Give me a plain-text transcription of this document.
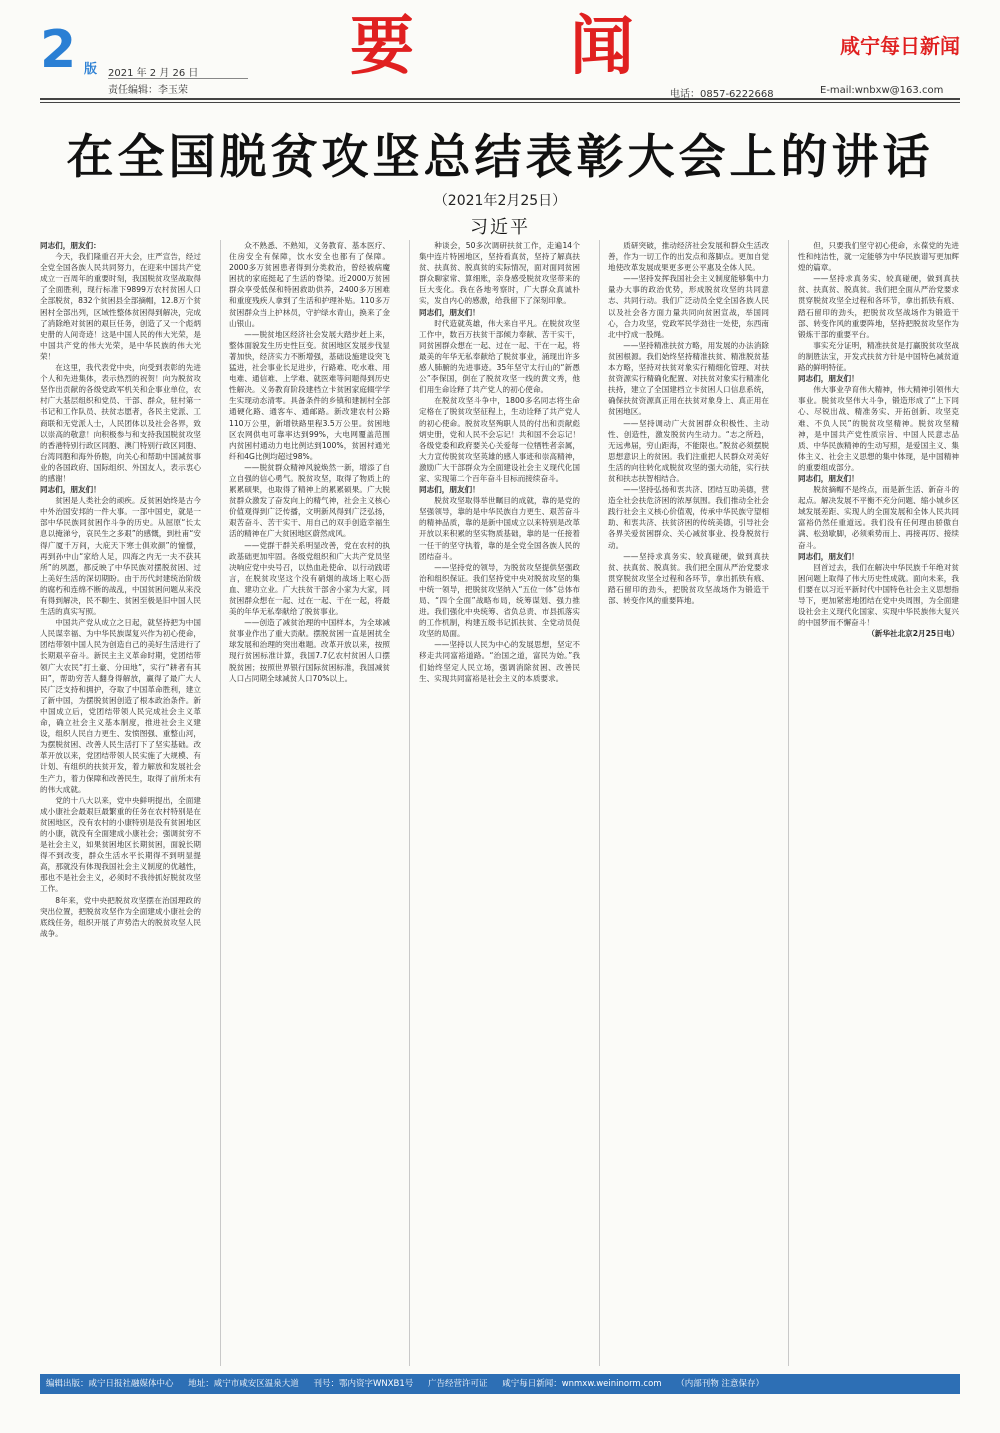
2 版 2021 年 2 月 26 日
责任编辑：李玉荣
要 闻	咸宁每日新闻
电话：0857-6222668	E-mail:wnbxw@163.com
在全国脱贫攻坚总结表彰大会上的讲话
（2021年2月25日）
习近平

同志们，朋友们：

今天，我们隆重召开大会，庄严宣告，经过全党全国各族人民共同努力，在迎来中国共产党成立一百周年的重要时刻，我国脱贫攻坚战取得了全面胜利，现行标准下9899万农村贫困人口全部脱贫，832个贫困县全部摘帽，12.8万个贫困村全部出列，区域性整体贫困得到解决，完成了消除绝对贫困的艰巨任务，创造了又一个彪炳史册的人间奇迹！这是中国人民的伟大光荣，是中国共产党的伟大光荣，是中华民族的伟大光荣！

在这里，我代表党中央，向受到表彰的先进个人和先进集体，表示热烈的祝贺！向为脱贫攻坚作出贡献的各级党政军机关和企事业单位，农村广大基层组织和党员、干部、群众，驻村第一书记和工作队员、扶贫志愿者，各民主党派、工商联和无党派人士，人民团体以及社会各界，致以崇高的敬意！向积极参与和支持我国脱贫攻坚的香港特别行政区同胞、澳门特别行政区同胞、台湾同胞和海外侨胞，向关心和帮助中国减贫事业的各国政府、国际组织、外国友人，表示衷心的感谢！

同志们，朋友们！

贫困是人类社会的顽疾。反贫困始终是古今中外治国安邦的一件大事。一部中国史，就是一部中华民族同贫困作斗争的历史。从屈原“长太息以掩涕兮，哀民生之多艰”的感慨，到杜甫“安得广厦千万间，大庇天下寒士俱欢颜”的憧憬，再到孙中山“家给人足，四海之内无一夫不获其所”的夙愿，都反映了中华民族对摆脱贫困、过上美好生活的深切期盼。由于历代封建统治阶级的腐朽和连绵不断的战乱，中国贫困问题从来没有得到解决，民不聊生、贫困至极是旧中国人民生活的真实写照。

中国共产党从成立之日起，就坚持把为中国人民谋幸福、为中华民族谋复兴作为初心使命，团结带领中国人民为创造自己的美好生活进行了长期艰辛奋斗。新民主主义革命时期，党团结带领广大农民“打土豪、分田地”，实行“耕者有其田”，帮助穷苦人翻身得解放，赢得了最广大人民广泛支持和拥护，夺取了中国革命胜利，建立了新中国，为摆脱贫困创造了根本政治条件。新中国成立后，党团结带领人民完成社会主义革命，确立社会主义基本制度，推进社会主义建设，组织人民自力更生、发愤图强、重整山河，为摆脱贫困、改善人民生活打下了坚实基础。改革开放以来，党团结带领人民实施了大规模、有计划、有组织的扶贫开发，着力解放和发展社会生产力，着力保障和改善民生，取得了前所未有的伟大成就。

党的十八大以来，党中央鲜明提出，全面建成小康社会最艰巨最繁重的任务在农村特别是在贫困地区，没有农村的小康特别是没有贫困地区的小康，就没有全面建成小康社会；强调贫穷不是社会主义，如果贫困地区长期贫困，面貌长期得不到改变，群众生活水平长期得不到明显提高，那就没有体现我国社会主义制度的优越性，那也不是社会主义，必须时不我待抓好脱贫攻坚工作。

8年来，党中央把脱贫攻坚摆在治国理政的突出位置，把脱贫攻坚作为全面建成小康社会的底线任务，组织开展了声势浩大的脱贫攻坚人民战争。

众不熟悉、不熟知，义务教育、基本医疗、住房安全有保障，饮水安全也都有了保障。2000多万贫困患者得到分类救治，曾经被病魔困扰的家庭挺起了生活的脊梁。近2000万贫困群众享受低保和特困救助供养，2400多万困难和重度残疾人拿到了生活和护理补贴。110多万贫困群众当上护林员，守护绿水青山，换来了金山银山。

——脱贫地区经济社会发展大踏步赶上来，整体面貌发生历史性巨变。贫困地区发展步伐显著加快，经济实力不断增强，基础设施建设突飞猛进，社会事业长足进步，行路难、吃水难、用电难、通信难、上学难、就医难等问题得到历史性解决。义务教育阶段建档立卡贫困家庭辍学学生实现动态清零。具备条件的乡镇和建制村全部通硬化路、通客车、通邮路。新改建农村公路110万公里，新增铁路里程3.5万公里。贫困地区农网供电可靠率达到99%，大电网覆盖范围内贫困村通动力电比例达到100%，贫困村通光纤和4G比例均超过98%。

——脱贫群众精神风貌焕然一新，增添了自立自强的信心勇气。脱贫攻坚，取得了物质上的累累硕果，也取得了精神上的累累硕果。广大脱贫群众激发了奋发向上的精气神，社会主义核心价值观得到广泛传播，文明新风得到广泛弘扬，艰苦奋斗、苦干实干、用自己的双手创造幸福生活的精神在广大贫困地区蔚然成风。

——党群干群关系明显改善，党在农村的执政基础更加牢固。各级党组织和广大共产党员坚决响应党中央号召，以热血赴使命、以行动践诺言，在脱贫攻坚这个没有硝烟的战场上呕心沥血、建功立业。广大扶贫干部舍小家为大家，同贫困群众想在一起、过在一起、干在一起，将最美的年华无私奉献给了脱贫事业。

——创造了减贫治理的中国样本，为全球减贫事业作出了重大贡献。摆脱贫困一直是困扰全球发展和治理的突出难题。改革开放以来，按照现行贫困标准计算，我国7.7亿农村贫困人口摆脱贫困；按照世界银行国际贫困标准，我国减贫人口占同期全球减贫人口70%以上。

种谈会，50多次调研扶贫工作，走遍14个集中连片特困地区，坚持看真贫，坚持了解真扶贫、扶真贫、脱真贫的实际情况，面对面同贫困群众聊家常、算细账，亲身感受脱贫攻坚带来的巨大变化。我在各地考察时，广大群众真诚朴实，发自内心的感激，给我留下了深刻印象。

同志们，朋友们！

时代造就英雄，伟大来自平凡。在脱贫攻坚工作中，数百万扶贫干部倾力奉献、苦干实干，同贫困群众想在一起、过在一起、干在一起，将最美的年华无私奉献给了脱贫事业，涌现出许多感人肺腑的先进事迹。35年坚守太行山的“新愚公”李保国，倒在了脱贫攻坚一线的黄文秀，他们用生命诠释了共产党人的初心使命。

在脱贫攻坚斗争中，1800多名同志将生命定格在了脱贫攻坚征程上，生动诠释了共产党人的初心使命。脱贫攻坚殉职人员的付出和贡献彪炳史册，党和人民不会忘记！共和国不会忘记！各级党委和政府要关心关爱每一位牺牲者亲属，大力宣传脱贫攻坚英雄的感人事迹和崇高精神，激励广大干部群众为全面建设社会主义现代化国家、实现第二个百年奋斗目标而接续奋斗。

同志们，朋友们！

脱贫攻坚取得举世瞩目的成就，靠的是党的坚强领导，靠的是中华民族自力更生、艰苦奋斗的精神品质，靠的是新中国成立以来特别是改革开放以来积累的坚实物质基础，靠的是一任接着一任干的坚守执着，靠的是全党全国各族人民的团结奋斗。

——坚持党的领导，为脱贫攻坚提供坚强政治和组织保证。我们坚持党中央对脱贫攻坚的集中统一领导，把脱贫攻坚纳入“五位一体”总体布局、“四个全面”战略布局，统筹谋划、强力推进。我们强化中央统筹、省负总责、市县抓落实的工作机制，构建五级书记抓扶贫、全党动员促攻坚的局面。

——坚持以人民为中心的发展思想，坚定不移走共同富裕道路。“治国之道，富民为始。”我们始终坚定人民立场，强调消除贫困、改善民生、实现共同富裕是社会主义的本质要求。

质研突破，推动经济社会发展和群众生活改善，作为一切工作的出发点和落脚点。更加自觉地使改革发展成果更多更公平惠及全体人民。

——坚持发挥我国社会主义制度能够集中力量办大事的政治优势，形成脱贫攻坚的共同意志、共同行动。我们广泛动员全党全国各族人民以及社会各方面力量共同向贫困宣战，举国同心，合力攻坚，党政军民学劲往一处使，东西南北中拧成一股绳。

——坚持精准扶贫方略，用发展的办法消除贫困根源。我们始终坚持精准扶贫、精准脱贫基本方略，坚持对扶贫对象实行精细化管理、对扶贫资源实行精确化配置、对扶贫对象实行精准化扶持，建立了全国建档立卡贫困人口信息系统，确保扶贫资源真正用在扶贫对象身上、真正用在贫困地区。

——坚持调动广大贫困群众积极性、主动性、创造性，激发脱贫内生动力。“志之所趋，无远弗届，穷山距海，不能限也。”脱贫必须摆脱思想意识上的贫困。我们注重把人民群众对美好生活的向往转化成脱贫攻坚的强大动能，实行扶贫和扶志扶智相结合。

——坚持弘扬和衷共济、团结互助美德，营造全社会扶危济困的浓厚氛围。我们推动全社会践行社会主义核心价值观，传承中华民族守望相助、和衷共济、扶贫济困的传统美德，引导社会各界关爱贫困群众、关心减贫事业、投身脱贫行动。

——坚持求真务实、较真碰硬，做到真扶贫、扶真贫、脱真贫。我们把全面从严治党要求贯穿脱贫攻坚全过程和各环节，拿出抓铁有痕、踏石留印的劲头，把脱贫攻坚战场作为锻造干部、转变作风的重要阵地。

但，只要我们坚守初心使命，永葆党的先进性和纯洁性，就一定能够为中华民族谱写更加辉煌的篇章。

——坚持求真务实、较真碰硬，做到真扶贫、扶真贫、脱真贫。我们把全面从严治党要求贯穿脱贫攻坚全过程和各环节，拿出抓铁有痕、踏石留印的劲头，把脱贫攻坚战场作为锻造干部、转变作风的重要阵地，坚持把脱贫攻坚作为锻炼干部的重要平台。

事实充分证明，精准扶贫是打赢脱贫攻坚战的制胜法宝，开发式扶贫方针是中国特色减贫道路的鲜明特征。

同志们，朋友们！

伟大事业孕育伟大精神，伟大精神引领伟大事业。脱贫攻坚伟大斗争，锻造形成了“上下同心、尽锐出战、精准务实、开拓创新、攻坚克难、不负人民”的脱贫攻坚精神。脱贫攻坚精神，是中国共产党性质宗旨、中国人民意志品质、中华民族精神的生动写照，是爱国主义、集体主义、社会主义思想的集中体现，是中国精神的重要组成部分。

同志们，朋友们！

脱贫摘帽不是终点，而是新生活、新奋斗的起点。解决发展不平衡不充分问题、缩小城乡区域发展差距、实现人的全面发展和全体人民共同富裕仍然任重道远。我们没有任何理由骄傲自满、松劲歇脚，必须乘势而上、再接再厉、接续奋斗。

同志们，朋友们！

回首过去，我们在解决中华民族千年绝对贫困问题上取得了伟大历史性成就。面向未来，我们要在以习近平新时代中国特色社会主义思想指导下，更加紧密地团结在党中央周围，为全面建设社会主义现代化国家、实现中华民族伟大复兴的中国梦而不懈奋斗！

（新华社北京2月25日电）

编辑出版：咸宁日报社融媒体中心 地址：咸宁市咸安区温泉大道 刊号：鄂内资字WNXB1号 广告经营许可证 咸宁每日新闻：wnmxw.weininorm.com （内部刊物 注意保存）
